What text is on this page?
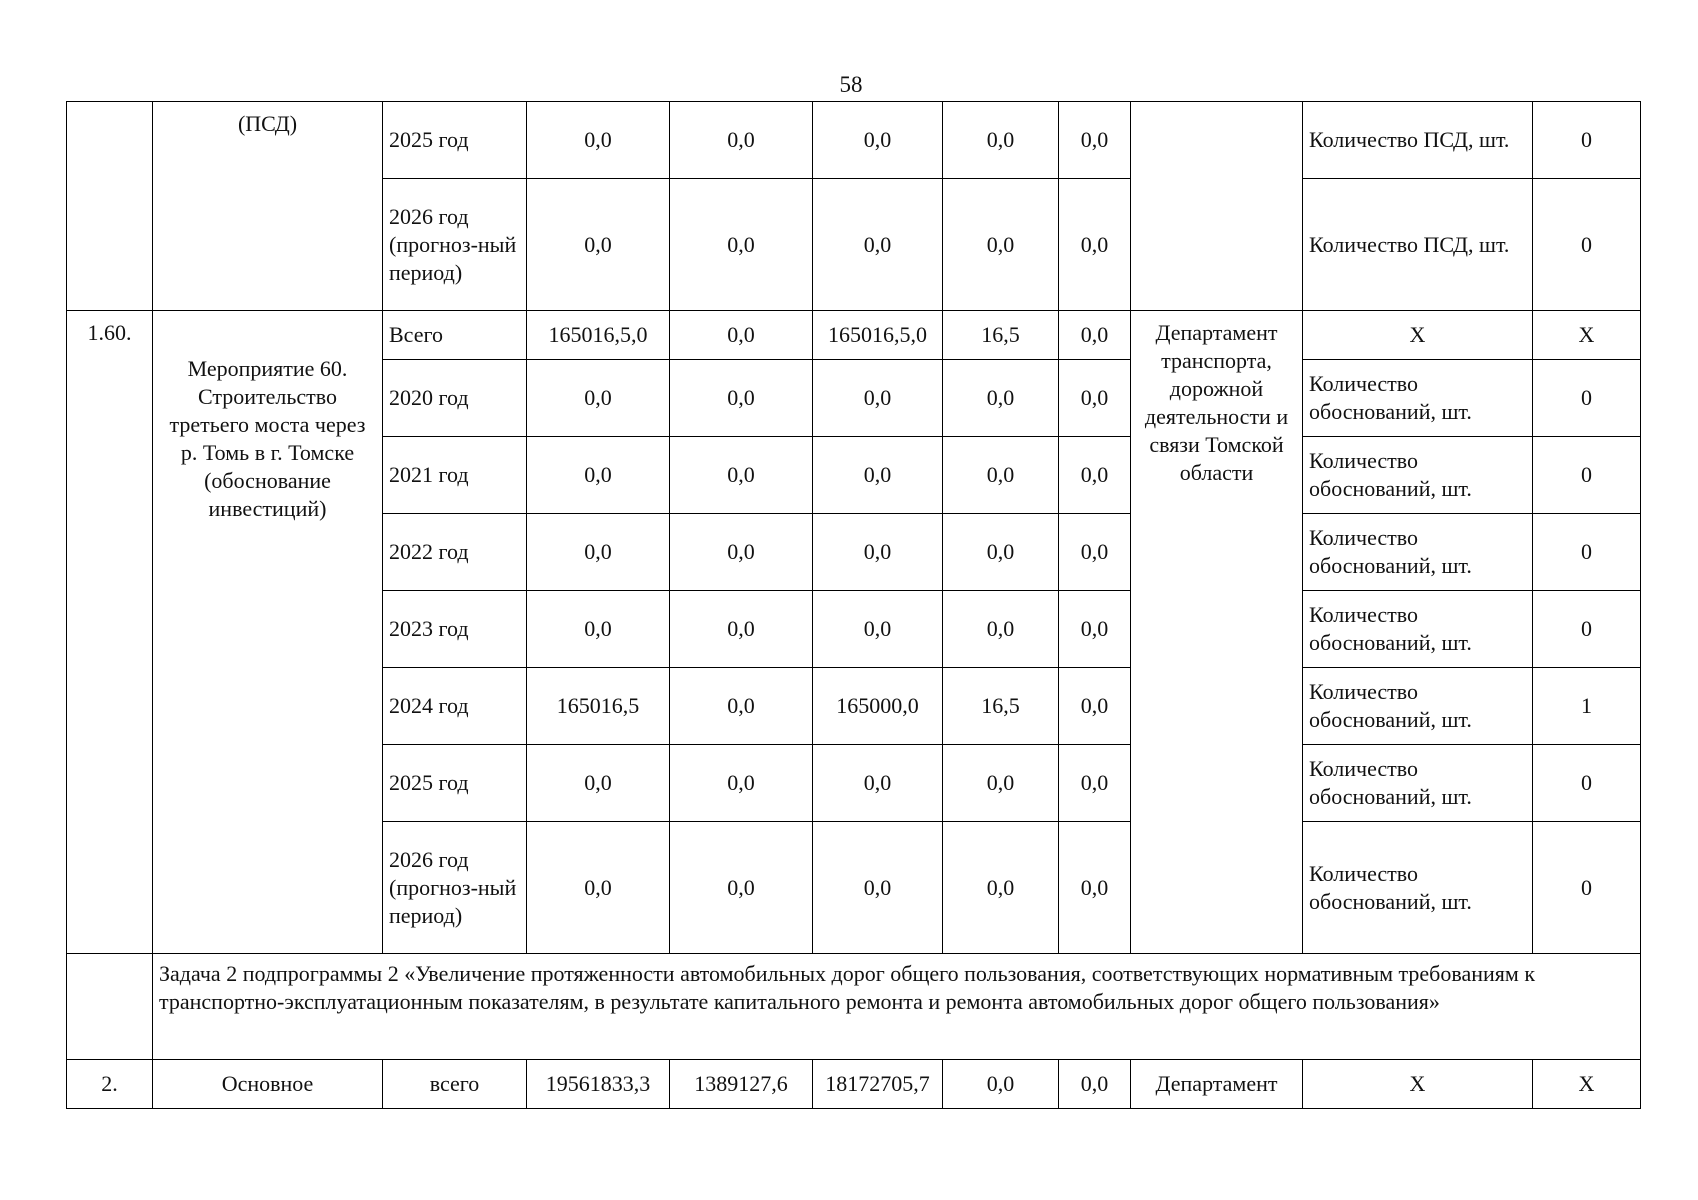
58
	(ПСД)	2025 год	0,0	0,0	0,0	0,0	0,0		Количество ПСД, шт.	0
		2026 год (прогноз-ный период)	0,0	0,0	0,0	0,0	0,0		Количество ПСД, шт.	0
1.60.	Мероприятие 60. Строительство третьего моста через р. Томь в г. Томске (обоснование инвестиций)	Всего	165016,5,0	0,0	165016,5,0	16,5	0,0	Департамент транспорта, дорожной деятельности и связи Томской области	Х	Х
		2020 год	0,0	0,0	0,0	0,0	0,0		Количество обоснований, шт.	0
		2021 год	0,0	0,0	0,0	0,0	0,0		Количество обоснований, шт.	0
		2022 год	0,0	0,0	0,0	0,0	0,0		Количество обоснований, шт.	0
		2023 год	0,0	0,0	0,0	0,0	0,0		Количество обоснований, шт.	0
		2024 год	165016,5	0,0	165000,0	16,5	0,0		Количество обоснований, шт.	1
		2025 год	0,0	0,0	0,0	0,0	0,0		Количество обоснований, шт.	0
		2026 год (прогноз-ный период)	0,0	0,0	0,0	0,0	0,0		Количество обоснований, шт.	0
	Задача 2 подпрограммы 2 «Увеличение протяженности автомобильных дорог общего пользования, соответствующих нормативным требованиям к транспортно-эксплуатационным показателям, в результате капитального ремонта и ремонта автомобильных дорог общего пользования»									
2.	Основное	всего	19561833,3	1389127,6	18172705,7	0,0	0,0	Департамент	Х	Х
